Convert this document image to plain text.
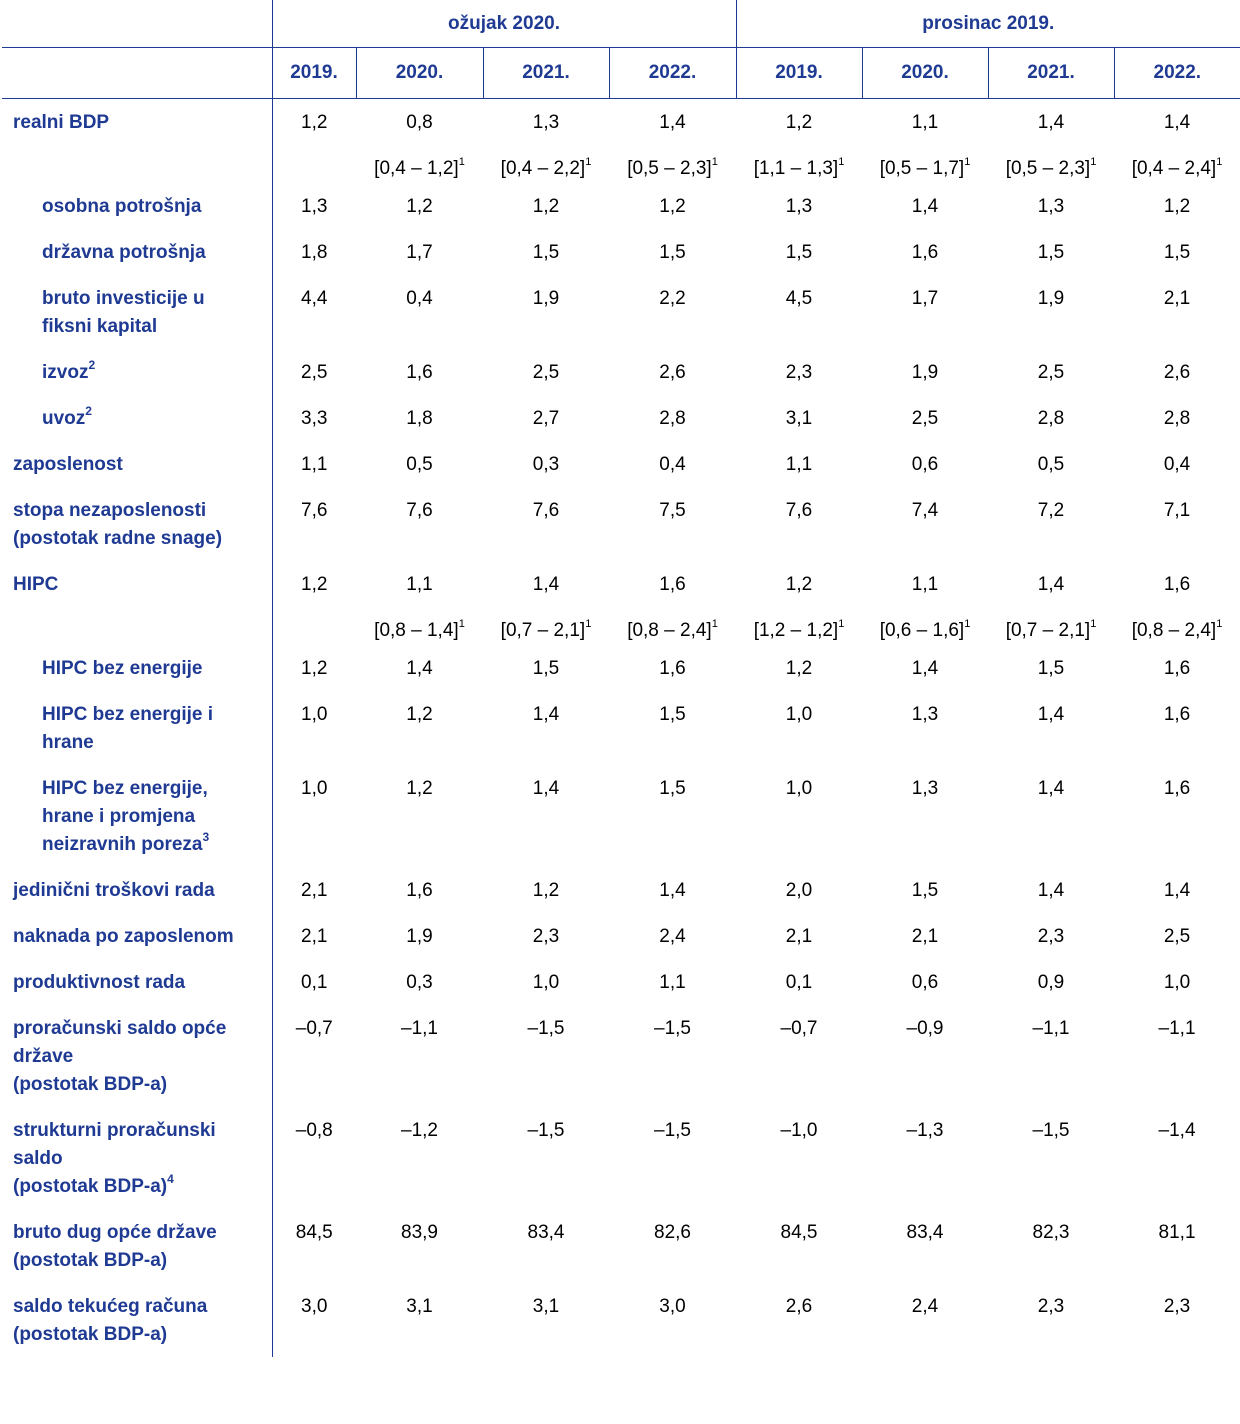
	ožujak 2020.				prosinac 2019.			
	2019.	2020.	2021.	2022.	2019.	2020.	2021.	2022.
realni BDP	1,2	0,8	1,3	1,4	1,2	1,1	1,4	1,4
		[0,4 – 1,2]$^1$	[0,4 – 2,2]$^1$	[0,5 – 2,3]$^1$	[1,1 – 1,3]$^1$	[0,5 – 1,7]$^1$	[0,5 – 2,3]$^1$	[0,4 – 2,4]$^1$
osobna potrošnja	1,3	1,2	1,2	1,2	1,3	1,4	1,3	1,2
državna potrošnja	1,8	1,7	1,5	1,5	1,5	1,6	1,5	1,5
bruto investicije u
fiksni kapital	4,4	0,4	1,9	2,2	4,5	1,7	1,9	2,1
izvoz$^2$	2,5	1,6	2,5	2,6	2,3	1,9	2,5	2,6
uvoz$^2$	3,3	1,8	2,7	2,8	3,1	2,5	2,8	2,8
zaposlenost	1,1	0,5	0,3	0,4	1,1	0,6	0,5	0,4
stopa nezaposlenosti
(postotak radne snage)	7,6	7,6	7,6	7,5	7,6	7,4	7,2	7,1
HIPC	1,2	1,1	1,4	1,6	1,2	1,1	1,4	1,6
		[0,8 – 1,4]$^1$	[0,7 – 2,1]$^1$	[0,8 – 2,4]$^1$	[1,2 – 1,2]$^1$	[0,6 – 1,6]$^1$	[0,7 – 2,1]$^1$	[0,8 – 2,4]$^1$
HIPC bez energije	1,2	1,4	1,5	1,6	1,2	1,4	1,5	1,6
HIPC bez energije i
hrane	1,0	1,2	1,4	1,5	1,0	1,3	1,4	1,6
HIPC bez energije,
hrane i promjena
neizravnih poreza$^3$	1,0	1,2	1,4	1,5	1,0	1,3	1,4	1,6
jedinični troškovi rada	2,1	1,6	1,2	1,4	2,0	1,5	1,4	1,4
naknada po zaposlenom	2,1	1,9	2,3	2,4	2,1	2,1	2,3	2,5
produktivnost rada	0,1	0,3	1,0	1,1	0,1	0,6	0,9	1,0
proračunski saldo opće
države
(postotak BDP-a)	–0,7	–1,1	–1,5	–1,5	–0,7	–0,9	–1,1	–1,1
strukturni proračunski
saldo
(postotak BDP-a)$^4$	–0,8	–1,2	–1,5	–1,5	–1,0	–1,3	–1,5	–1,4
bruto dug opće države
(postotak BDP-a)	84,5	83,9	83,4	82,6	84,5	83,4	82,3	81,1
saldo tekućeg računa
(postotak BDP-a)	3,0	3,1	3,1	3,0	2,6	2,4	2,3	2,3
